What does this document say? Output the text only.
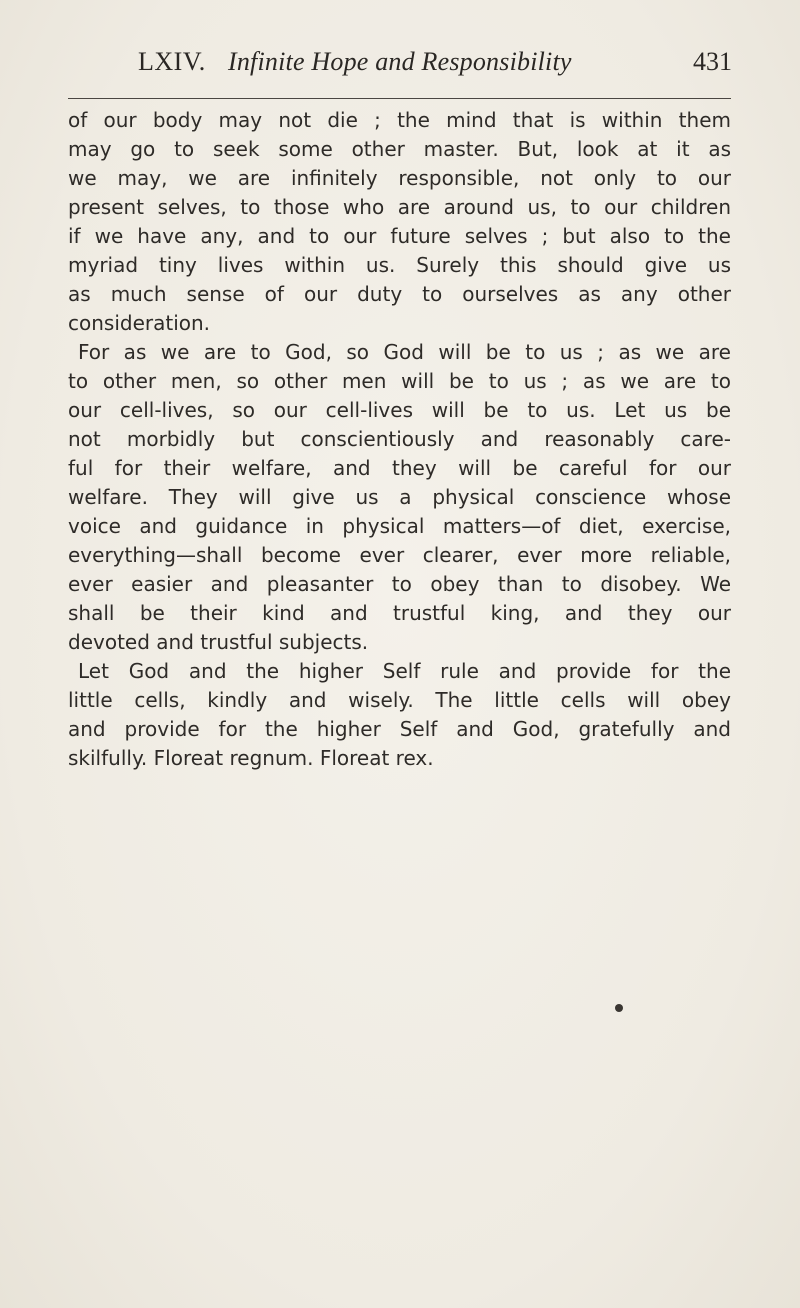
LXIV. Infinite Hope and Responsibility	431
of our body may not die ; the mind that is within them
may go to seek some other master. But, look at it as
we may, we are infinitely responsible, not only to our
present selves, to those who are around us, to our children
if we have any, and to our future selves ; but also to the
myriad tiny lives within us. Surely this should give us
as much sense of our duty to ourselves as any other
consideration.
For as we are to God, so God will be to us ; as we are
to other men, so other men will be to us ; as we are to
our cell-lives, so our cell-lives will be to us. Let us be
not morbidly but conscientiously and reasonably care-
ful for their welfare, and they will be careful for our
welfare. They will give us a physical conscience whose
voice and guidance in physical matters—of diet, exercise,
everything—shall become ever clearer, ever more reliable,
ever easier and pleasanter to obey than to disobey. We
shall be their kind and trustful king, and they our
devoted and trustful subjects.
Let God and the higher Self rule and provide for the
little cells, kindly and wisely. The little cells will obey
and provide for the higher Self and God, gratefully and
skilfully. Floreat regnum. Floreat rex.
